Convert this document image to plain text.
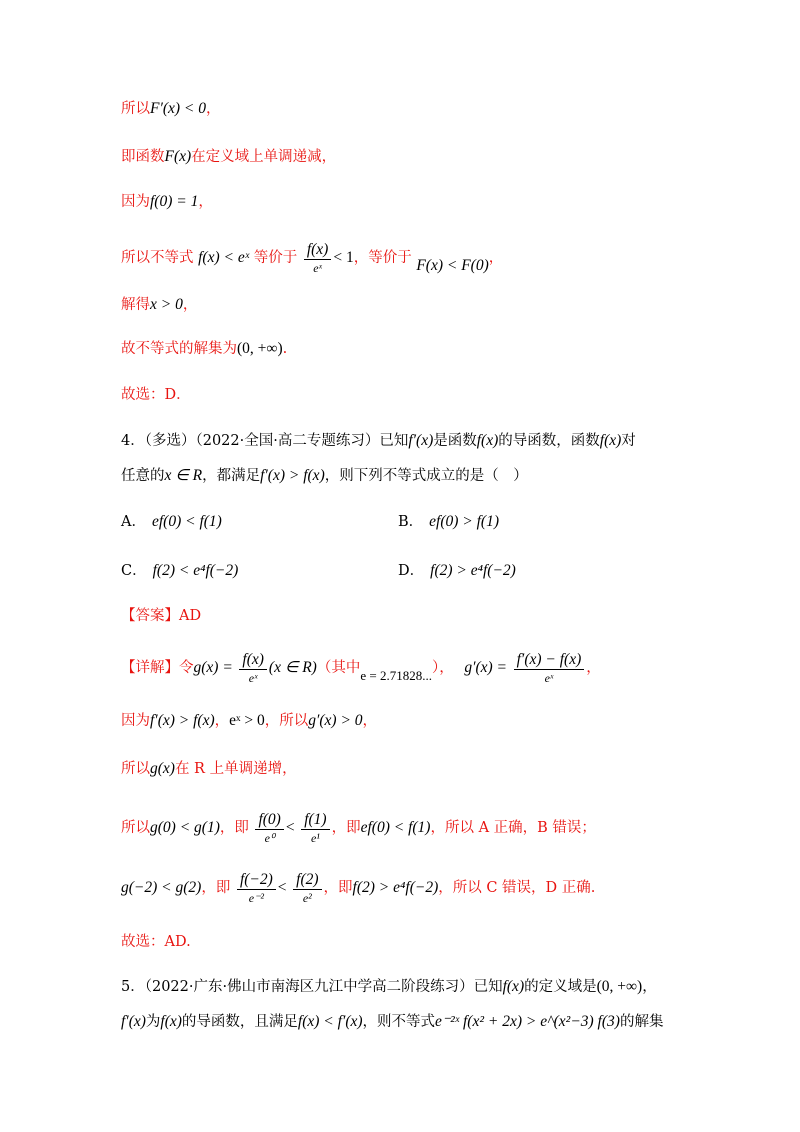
所以F′(x) < 0，
即函数F(x)在定义域上单调递减，
因为f(0) = 1，
所以不等式 f(x) < eˣ 等价于 $\frac{f(x)}{\text{eˣ}} < 1$，等价于 F(x) < F(0)，
解得x > 0，
故不等式的解集为(0, +∞).
故选：D．
4．（多选）（2022·全国·高二专题练习）已知f′(x)是函数f(x)的导函数，函数f(x)对
任意的x ∈ R，都满足f′(x) > f(x)，则下列不等式成立的是（　）
A． ef(0) < f(1)	B． ef(0) > f(1)
C． f(2) < e⁴f(−2)	D． f(2) > e⁴f(−2)
【答案】AD
【详解】令$g(x) = \frac{f(x)}{\text{eˣ}} (x$ ∈ R)（其中e = 2.71828...）， $g'(x) = \frac{f'(x) - f(x)}{\text{eˣ}}$ ，
因为f′(x) > f(x)，eˣ > 0，所以g′(x) > 0，
所以g(x)在 R 上单调递增，
所以g(0) < g(1)，即 $\frac{f(0)}{\text{e⁰}} < \frac{f(1)}{\text{e¹}}$ ，即ef(0) < f(1)，所以 A 正确，B 错误；
g(−2) < g(2)，即 $\frac{f(-2)}{\text{e⁻²}} < \frac{f(2)}{\text{e²}}$ ，即f(2) > e⁴f(−2)，所以 C 错误，D 正确.
故选：AD.
5．（2022·广东·佛山市南海区九江中学高二阶段练习）已知f(x)的定义域是(0, +∞)，
f′(x)为f(x)的导函数，且满足f(x) < f′(x)，则不等式e⁻²ˣ f(x² + 2x) > e^(x²−3) f(3)的解集
